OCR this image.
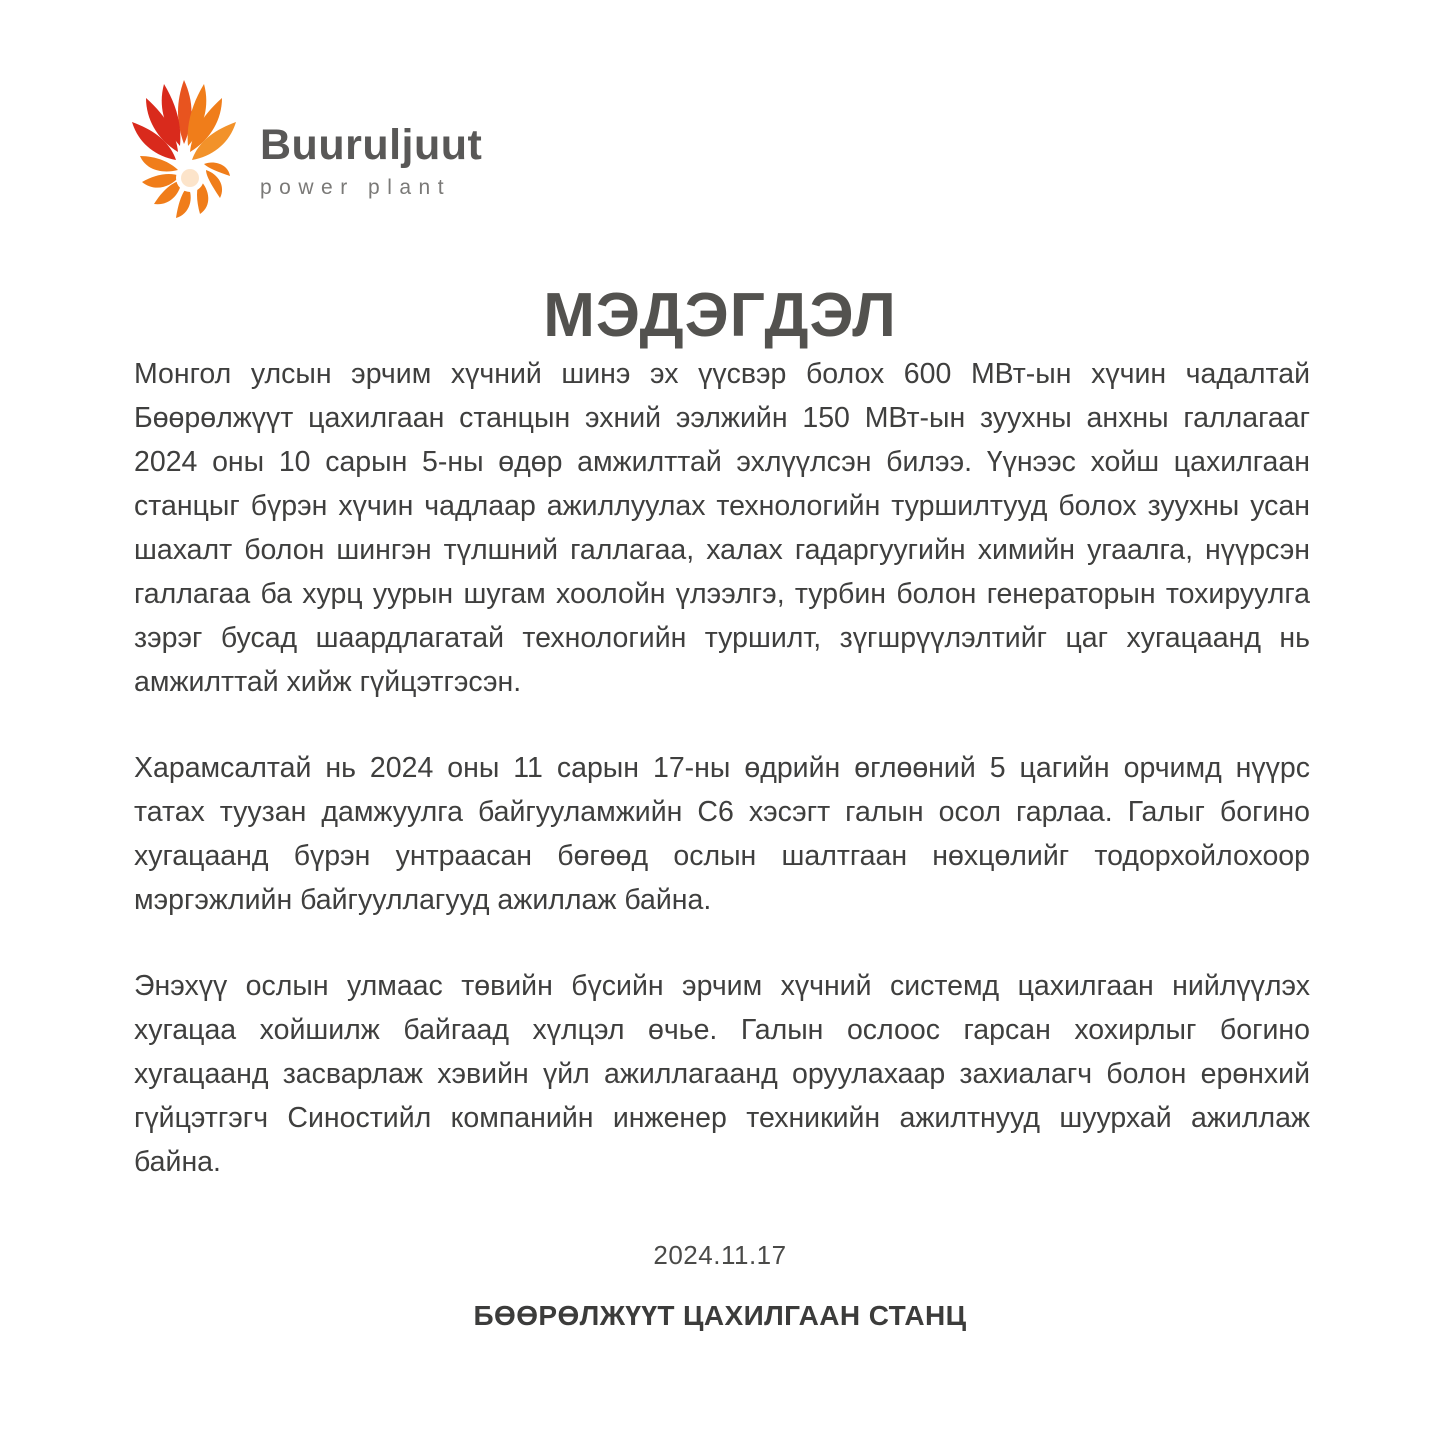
Buuruljuut
power plant
МЭДЭГДЭЛ

Монгол улсын эрчим хүчний шинэ эх үүсвэр болох 600 МВт-ын хүчин чадалтай Бөөрөлжүүт цахилгаан станцын эхний ээлжийн 150 МВт-ын зуухны анхны галлагааг 2024 оны 10 сарын 5-ны өдөр амжилттай эхлүүлсэн билээ. Үүнээс хойш цахилгаан станцыг бүрэн хүчин чадлаар ажиллуулах технологийн туршилтууд болох зуухны усан шахалт болон шингэн түлшний галлагаа, халах гадаргуугийн химийн угаалга, нүүрсэн галлагаа ба хурц уурын шугам хоолойн үлээлгэ, турбин болон генераторын тохируулга зэрэг бусад шаардлагатай технологийн туршилт, зүгшрүүлэлтийг цаг хугацаанд нь амжилттай хийж гүйцэтгэсэн.

Харамсалтай нь 2024 оны 11 сарын 17-ны өдрийн өглөөний 5 цагийн орчимд нүүрс татах туузан дамжуулга байгууламжийн С6 хэсэгт галын осол гарлаа. Галыг богино хугацаанд бүрэн унтраасан бөгөөд ослын шалтгаан нөхцөлийг тодорхойлохоор мэргэжлийн байгууллагууд ажиллаж байна.

Энэхүү ослын улмаас төвийн бүсийн эрчим хүчний системд цахилгаан нийлүүлэх хугацаа хойшилж байгаад хүлцэл өчье. Галын ослоос гарсан хохирлыг богино хугацаанд засварлаж хэвийн үйл ажиллагаанд оруулахаар захиалагч болон ерөнхий гүйцэтгэгч Синостийл компанийн инженер техникийн ажилтнууд шуурхай ажиллаж байна.

2024.11.17
БӨӨРӨЛЖҮҮТ ЦАХИЛГААН СТАНЦ
